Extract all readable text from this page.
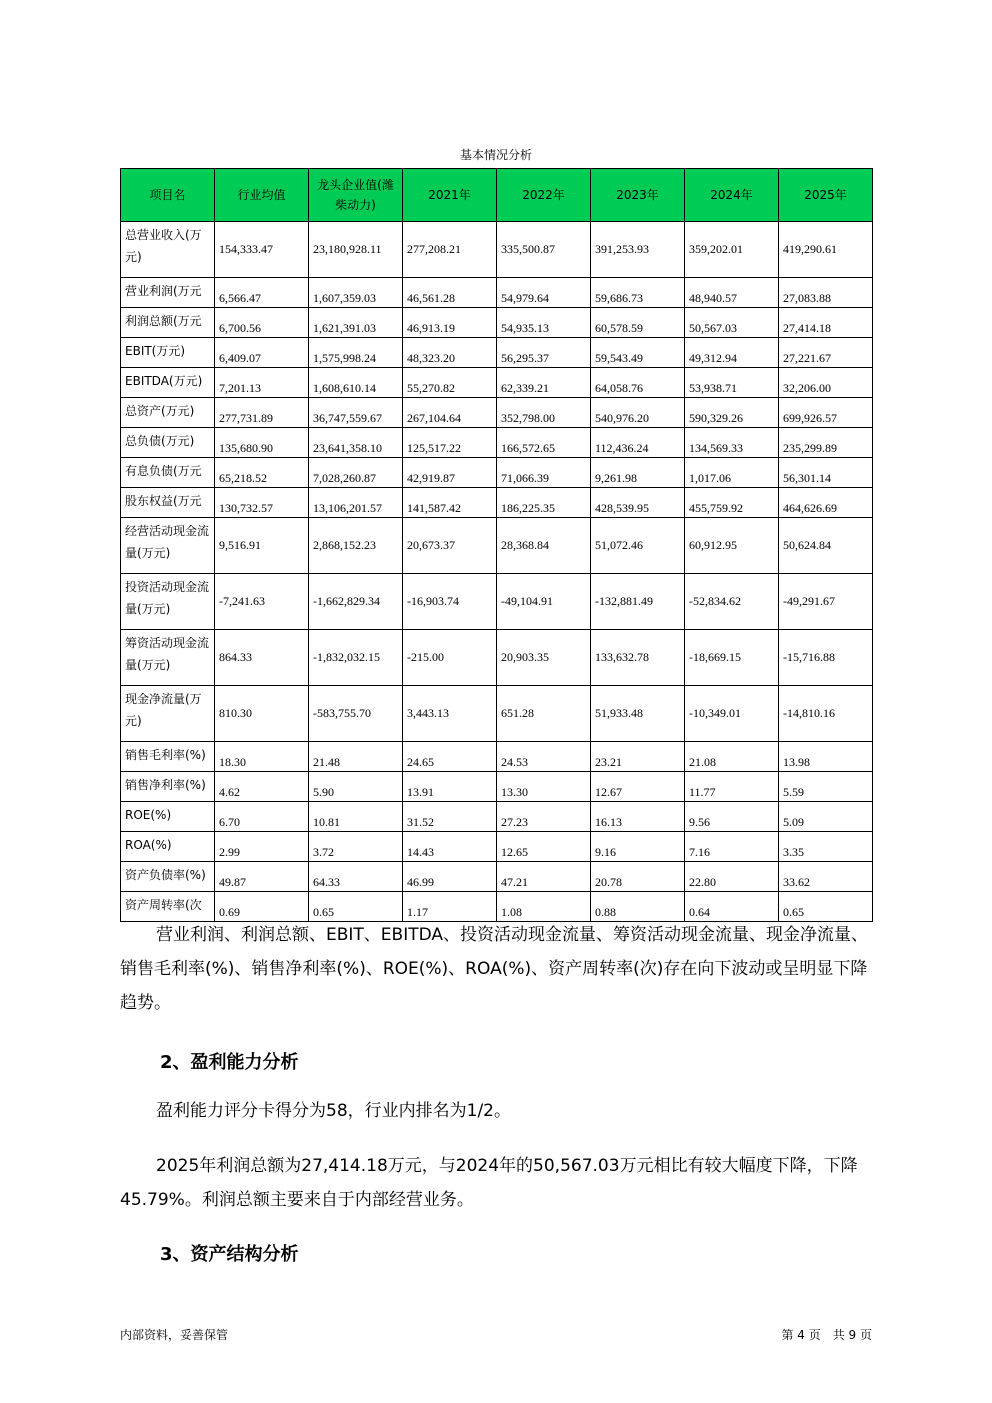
基本情况分析
项目名	行业均值	龙头企业值(潍柴动力)	2021年	2022年	2023年	2024年	2025年
总营业收入(万元)	154,333.47	23,180,928.11	277,208.21	335,500.87	391,253.93	359,202.01	419,290.61
营业利润(万元	6,566.47	1,607,359.03	46,561.28	54,979.64	59,686.73	48,940.57	27,083.88
利润总额(万元	6,700.56	1,621,391.03	46,913.19	54,935.13	60,578.59	50,567.03	27,414.18
EBIT(万元)	6,409.07	1,575,998.24	48,323.20	56,295.37	59,543.49	49,312.94	27,221.67
EBITDA(万元)	7,201.13	1,608,610.14	55,270.82	62,339.21	64,058.76	53,938.71	32,206.00
总资产(万元)	277,731.89	36,747,559.67	267,104.64	352,798.00	540,976.20	590,329.26	699,926.57
总负债(万元)	135,680.90	23,641,358.10	125,517.22	166,572.65	112,436.24	134,569.33	235,299.89
有息负债(万元	65,218.52	7,028,260.87	42,919.87	71,066.39	9,261.98	1,017.06	56,301.14
股东权益(万元	130,732.57	13,106,201.57	141,587.42	186,225.35	428,539.95	455,759.92	464,626.69
经营活动现金流量(万元)	9,516.91	2,868,152.23	20,673.37	28,368.84	51,072.46	60,912.95	50,624.84
投资活动现金流量(万元)	-7,241.63	-1,662,829.34	-16,903.74	-49,104.91	-132,881.49	-52,834.62	-49,291.67
筹资活动现金流量(万元)	864.33	-1,832,032.15	-215.00	20,903.35	133,632.78	-18,669.15	-15,716.88
现金净流量(万元)	810.30	-583,755.70	3,443.13	651.28	51,933.48	-10,349.01	-14,810.16
销售毛利率(%)	18.30	21.48	24.65	24.53	23.21	21.08	13.98
销售净利率(%)	4.62	5.90	13.91	13.30	12.67	11.77	5.59
ROE(%)	6.70	10.81	31.52	27.23	16.13	9.56	5.09
ROA(%)	2.99	3.72	14.43	12.65	9.16	7.16	3.35
资产负债率(%)	49.87	64.33	46.99	47.21	20.78	22.80	33.62
资产周转率(次	0.69	0.65	1.17	1.08	0.88	0.64	0.65
营业利润、利润总额、EBIT、EBITDA、投资活动现金流量、筹资活动现金流量、现金净流量、销售毛利率(%)、销售净利率(%)、ROE(%)、ROA(%)、资产周转率(次)存在向下波动或呈明显下降趋势。
2、盈利能力分析
盈利能力评分卡得分为58，行业内排名为1/2。
2025年利润总额为27,414.18万元，与2024年的50,567.03万元相比有较大幅度下降，下降45.79%。利润总额主要来自于内部经营业务。
3、资产结构分析
内部资料，妥善保管	第 4 页　共 9 页
